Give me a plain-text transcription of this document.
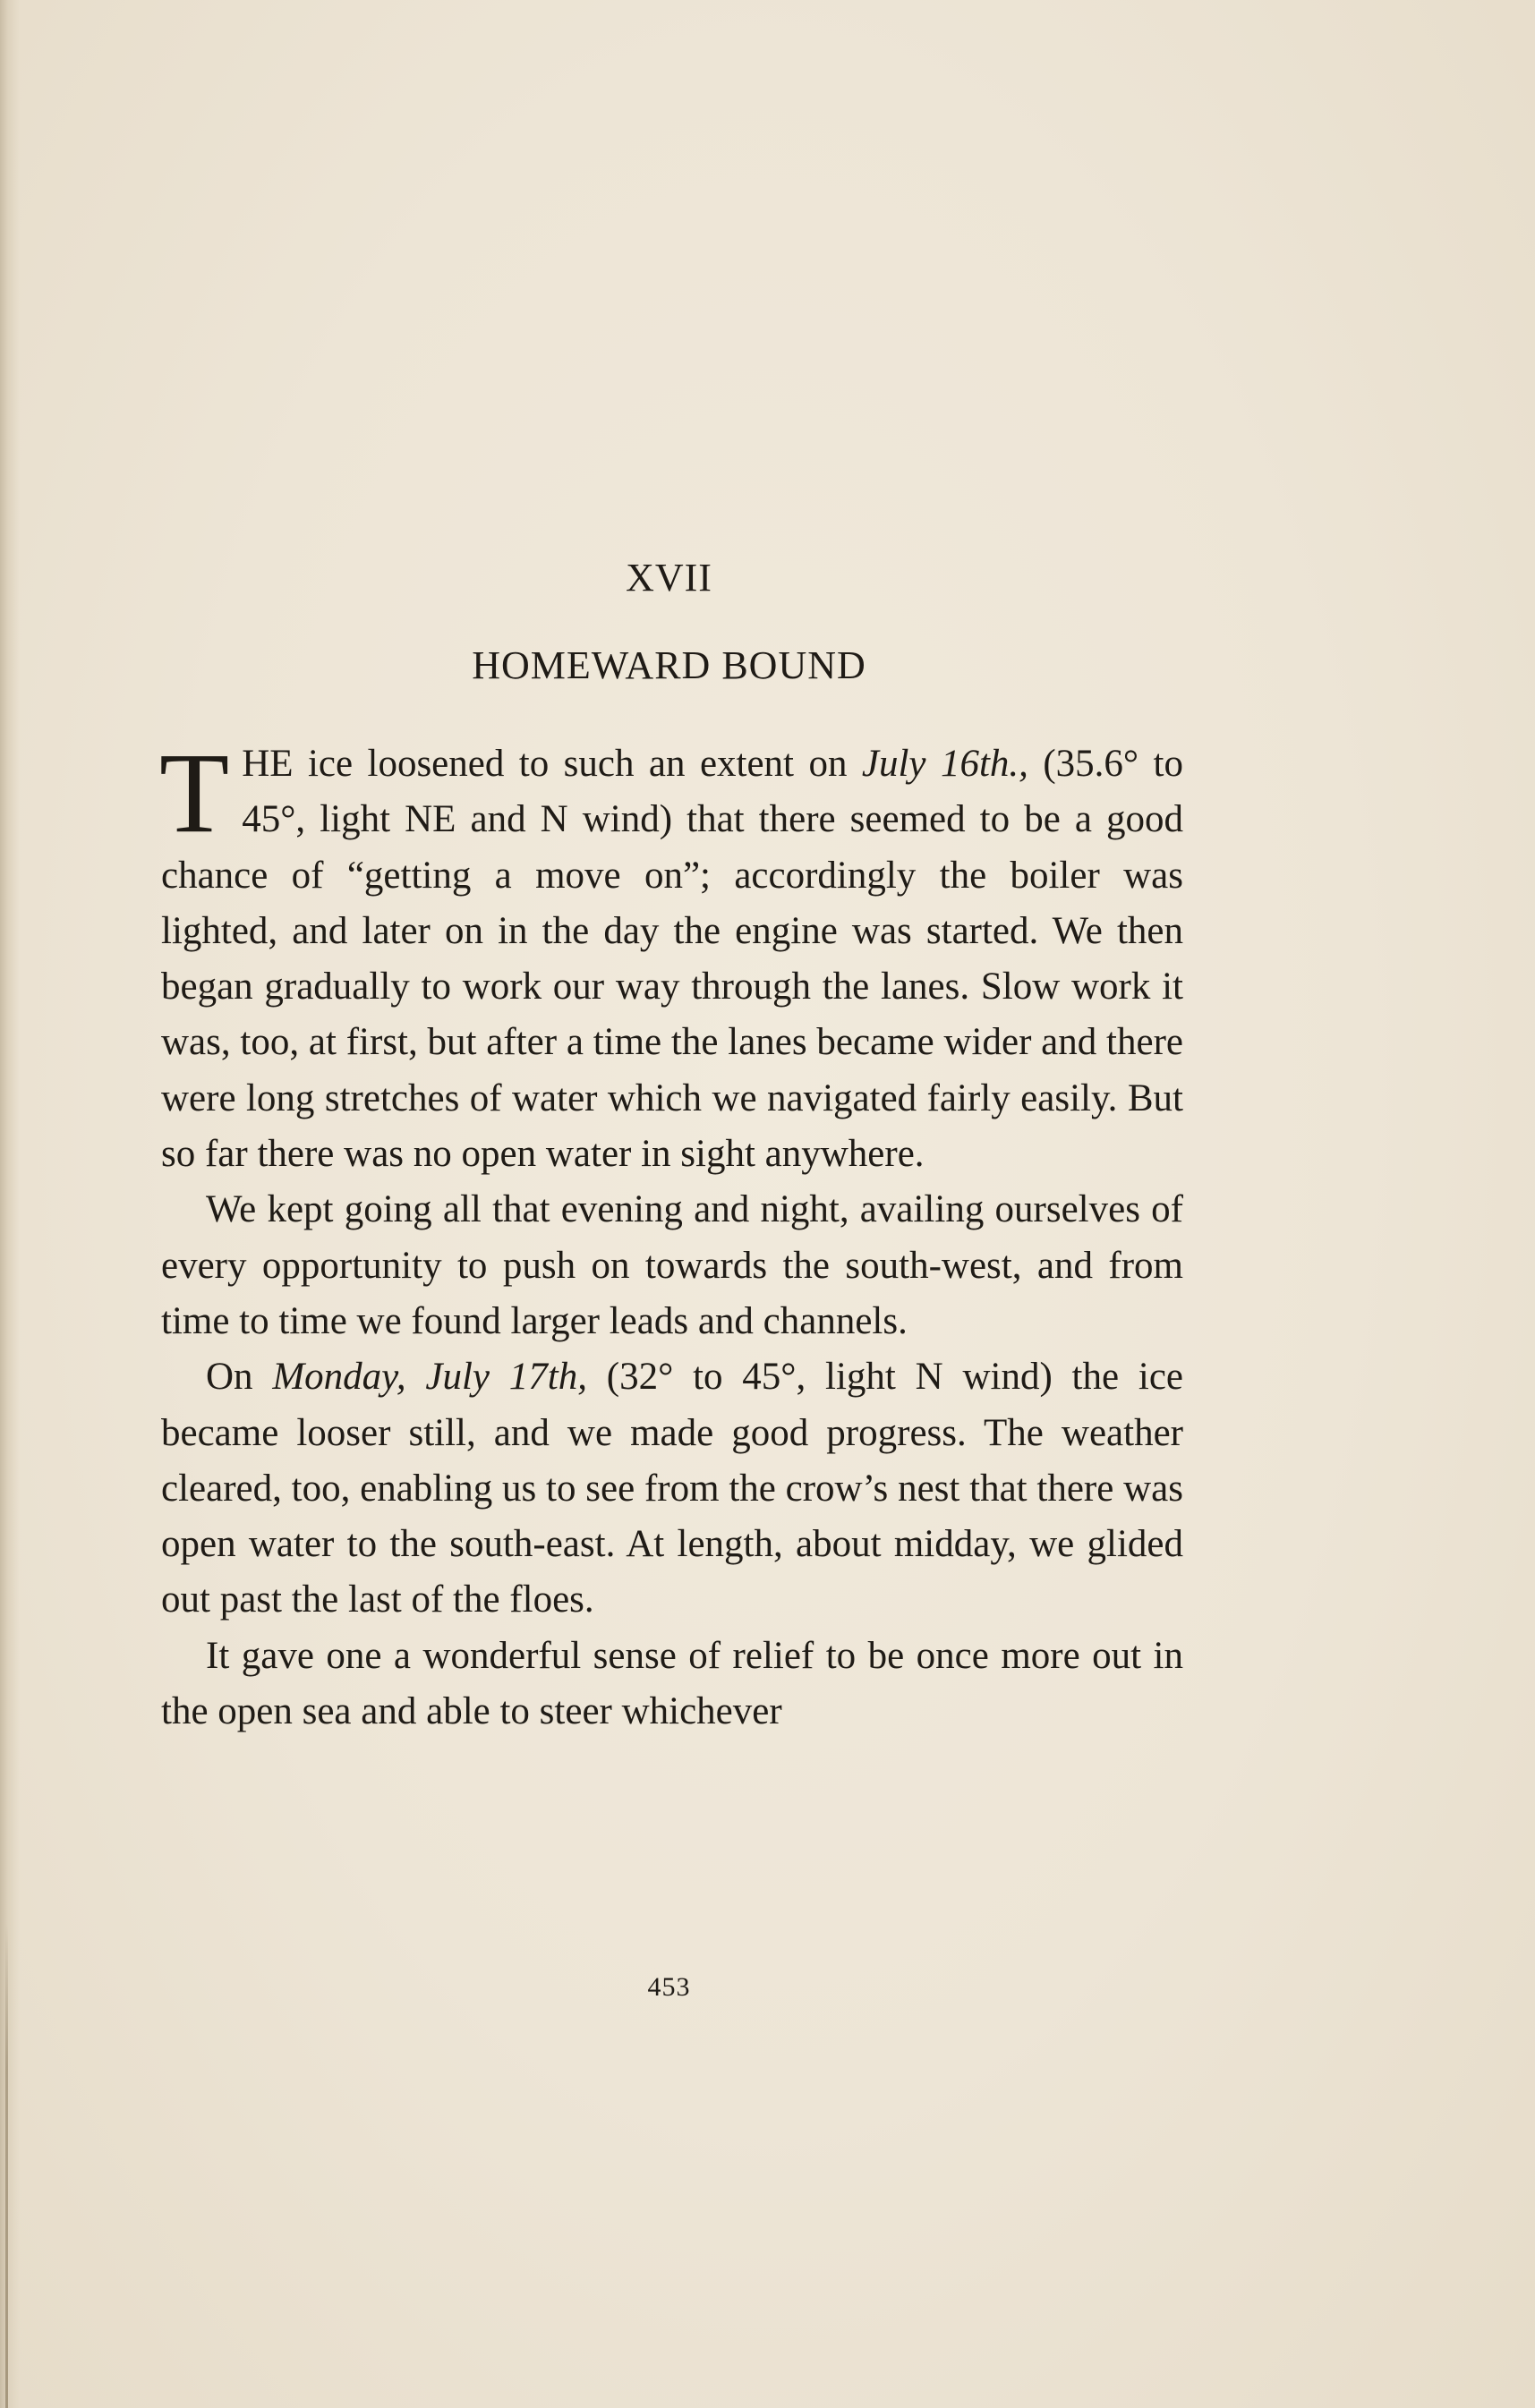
XVII
HOMEWARD BOUND

THE ice loosened to such an extent on July 16th., (35.6° to 45°, light NE and N wind) that there seemed to be a good chance of “getting a move on”; accordingly the boiler was lighted, and later on in the day the engine was started. We then began gradually to work our way through the lanes. Slow work it was, too, at first, but after a time the lanes became wider and there were long stretches of water which we navigated fairly easily. But so far there was no open water in sight anywhere.

We kept going all that evening and night, availing ourselves of every opportunity to push on towards the south-west, and from time to time we found larger leads and channels.

On Monday, July 17th, (32° to 45°, light N wind) the ice became looser still, and we made good progress. The weather cleared, too, enabling us to see from the crow’s nest that there was open water to the south-east. At length, about midday, we glided out past the last of the floes.

It gave one a wonderful sense of relief to be once more out in the open sea and able to steer whichever

453
